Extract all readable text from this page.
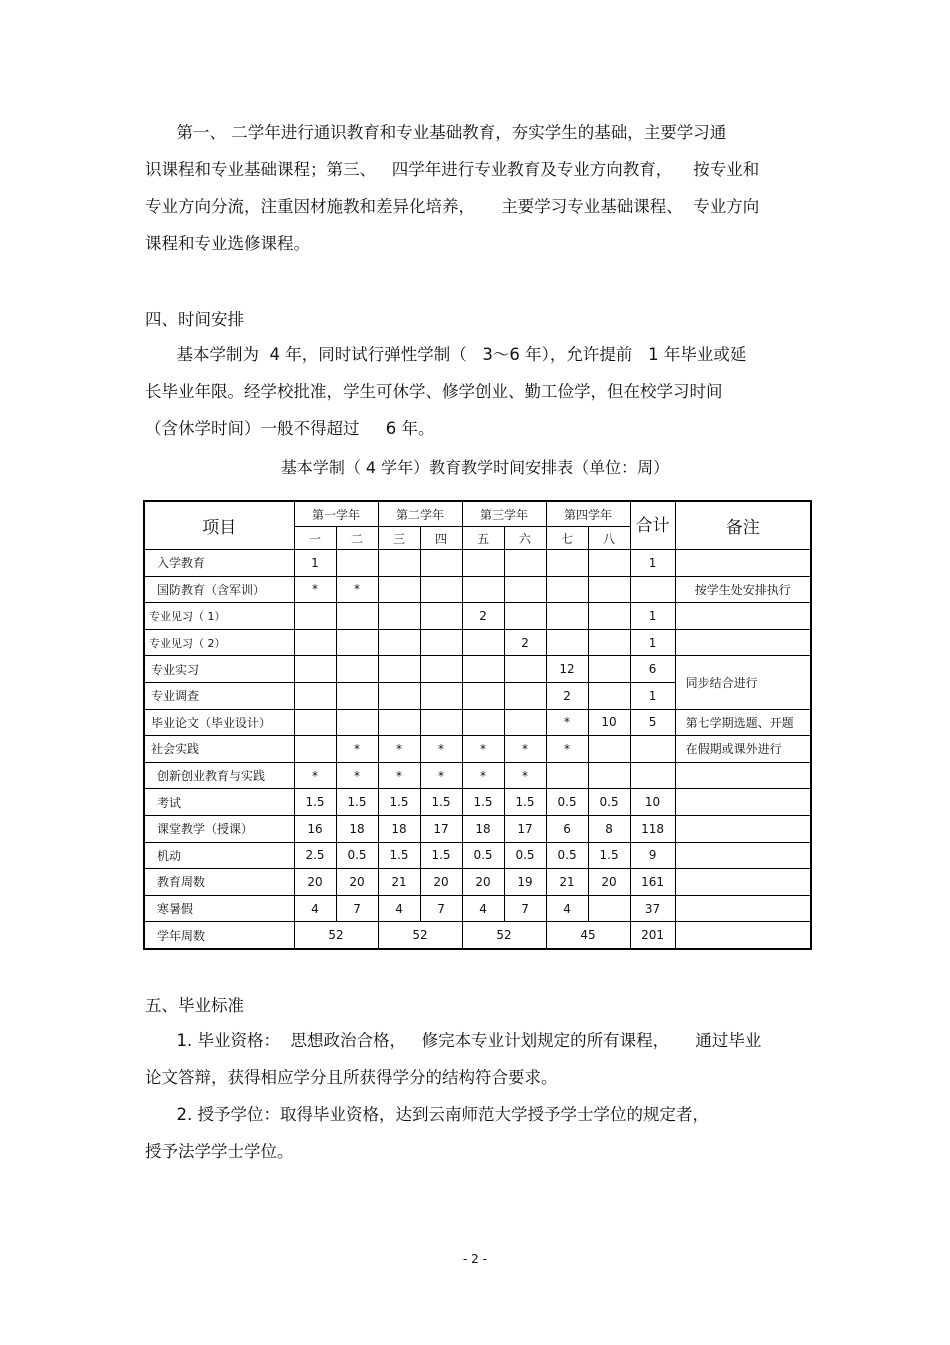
第一、 二学年进行通识教育和专业基础教育，夯实学生的基础，主要学习通
识课程和专业基础课程；第三、   四学年进行专业教育及专业方向教育，    按专业和
专业方向分流，注重因材施教和差异化培养，     主要学习专业基础课程、  专业方向
课程和专业选修课程。
四、时间安排
基本学制为  4 年，同时试行弹性学制（   3～6 年），允许提前   1 年毕业或延
长毕业年限。经学校批准，学生可休学、修学创业、勤工俭学，但在校学习时间
（含休学时间）一般不得超过     6 年。
基本学制（ 4 学年）教育教学时间安排表（单位：周）
项目	第一学年		第二学年		第三学年		第四学年		合计	备注
	一	二	三	四	五	六	七	八		
入学教育	1								1	
国防教育（含军训）	*	*								按学生处安排执行
专业见习（ 1）					2				1	
专业见习（ 2）						2			1	
专业实习							12		6	同步结合进行
专业调查							2		1	
毕业论文（毕业设计）							*	10	5	第七学期选题、开题
社会实践		*	*	*	*	*	*			在假期或课外进行
创新创业教育与实践	*	*	*	*	*	*				
考试	1.5	1.5	1.5	1.5	1.5	1.5	0.5	0.5	10	
课堂教学（授课）	16	18	18	17	18	17	6	8	118	
机动	2.5	0.5	1.5	1.5	0.5	0.5	0.5	1.5	9	
教育周数	20	20	21	20	20	19	21	20	161	
寒暑假	4	7	4	7	4	7	4		37	
学年周数	52		52		52		45		201	
五、毕业标准
1. 毕业资格：  思想政治合格，   修完本专业计划规定的所有课程，     通过毕业
论文答辩，获得相应学分且所获得学分的结构符合要求。
2. 授予学位：取得毕业资格，达到云南师范大学授予学士学位的规定者，
授予法学学士学位。
- 2 -
